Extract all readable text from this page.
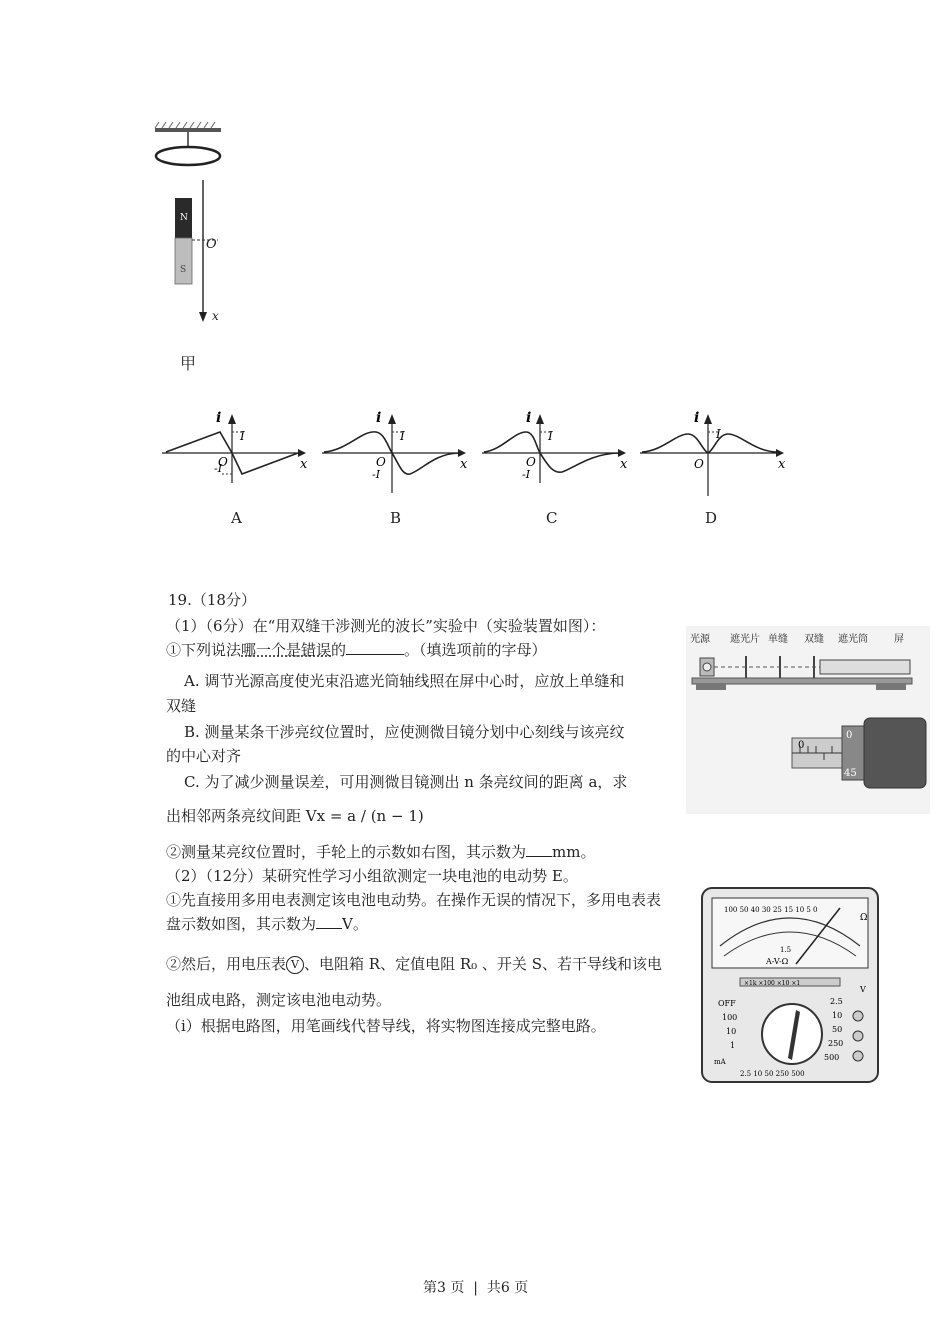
N
S
O
x
甲
i
I
-I
O	x
A
i
I
-I
O	x
B
i
I
-I
O	x
C
i
I
O	x
D
19.（18分）
（1）（6分）在“用双缝干涉测光的波长”实验中（实验装置如图）：
①下列说法哪一个是错误的	。（填选项前的字母）
A. 调节光源高度使光束沿遮光筒轴线照在屏中心时，应放上单缝和
双缝
B. 测量某条干涉亮纹位置时，应使测微目镜分划中心刻线与该亮纹
的中心对齐
C. 为了减少测量误差，可用测微目镜测出 n 条亮纹间的距离 a，求
出相邻两条亮纹间距 Vx = a / (n − 1)
②测量某亮纹位置时，手轮上的示数如右图，其示数为 mm。
（2）（12分）某研究性学习小组欲测定一块电池的电动势 E。
①先直接用多用电表测定该电池电动势。在操作无误的情况下，多用电表表
盘示数如图，其示数为 V。
②然后，用电压表 V 、电阻箱 R、定值电阻 R₀ 、开关 S、若干导线和该电
池组成电路，测定该电池电动势。
（ⅰ）根据电路图，用笔画线代替导线，将实物图连接成完整电路。
光源 遮光片 单缝 双缝 遮光筒	屏
0
0
45
100 50 40 30 25 15 10 5 0
Ω
A-V-Ω
1.5
×1k ×100 ×10 ×1
OFF
100
10
1
2.5
10
50
250
500
2.5 10 50 250 500
V
mA
第3 页 | 共6 页
